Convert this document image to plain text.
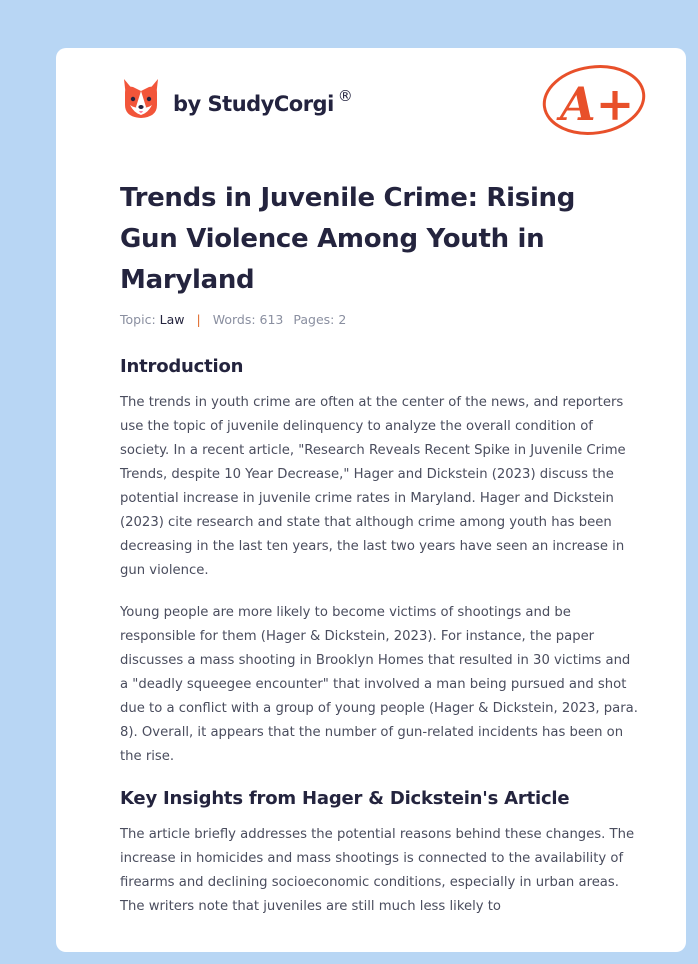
by StudyCorgi ®	A+
Trends in Juvenile Crime: Rising Gun Violence Among Youth in Maryland
Topic: Law | Words: 613 Pages: 2
Introduction

The trends in youth crime are often at the center of the news, and reporters use the topic of juvenile delinquency to analyze the overall condition of society. In a recent article, "Research Reveals Recent Spike in Juvenile Crime Trends, despite 10 Year Decrease," Hager and Dickstein (2023) discuss the potential increase in juvenile crime rates in Maryland. Hager and Dickstein (2023) cite research and state that although crime among youth has been decreasing in the last ten years, the last two years have seen an increase in gun violence.

Young people are more likely to become victims of shootings and be responsible for them (Hager & Dickstein, 2023). For instance, the paper discusses a mass shooting in Brooklyn Homes that resulted in 30 victims and a "deadly squeegee encounter" that involved a man being pursued and shot due to a conflict with a group of young people (Hager & Dickstein, 2023, para. 8). Overall, it appears that the number of gun-related incidents has been on the rise.

Key Insights from Hager & Dickstein's Article

The article briefly addresses the potential reasons behind these changes. The increase in homicides and mass shootings is connected to the availability of firearms and declining socioeconomic conditions, especially in urban areas. The writers note that juveniles are still much less likely to
